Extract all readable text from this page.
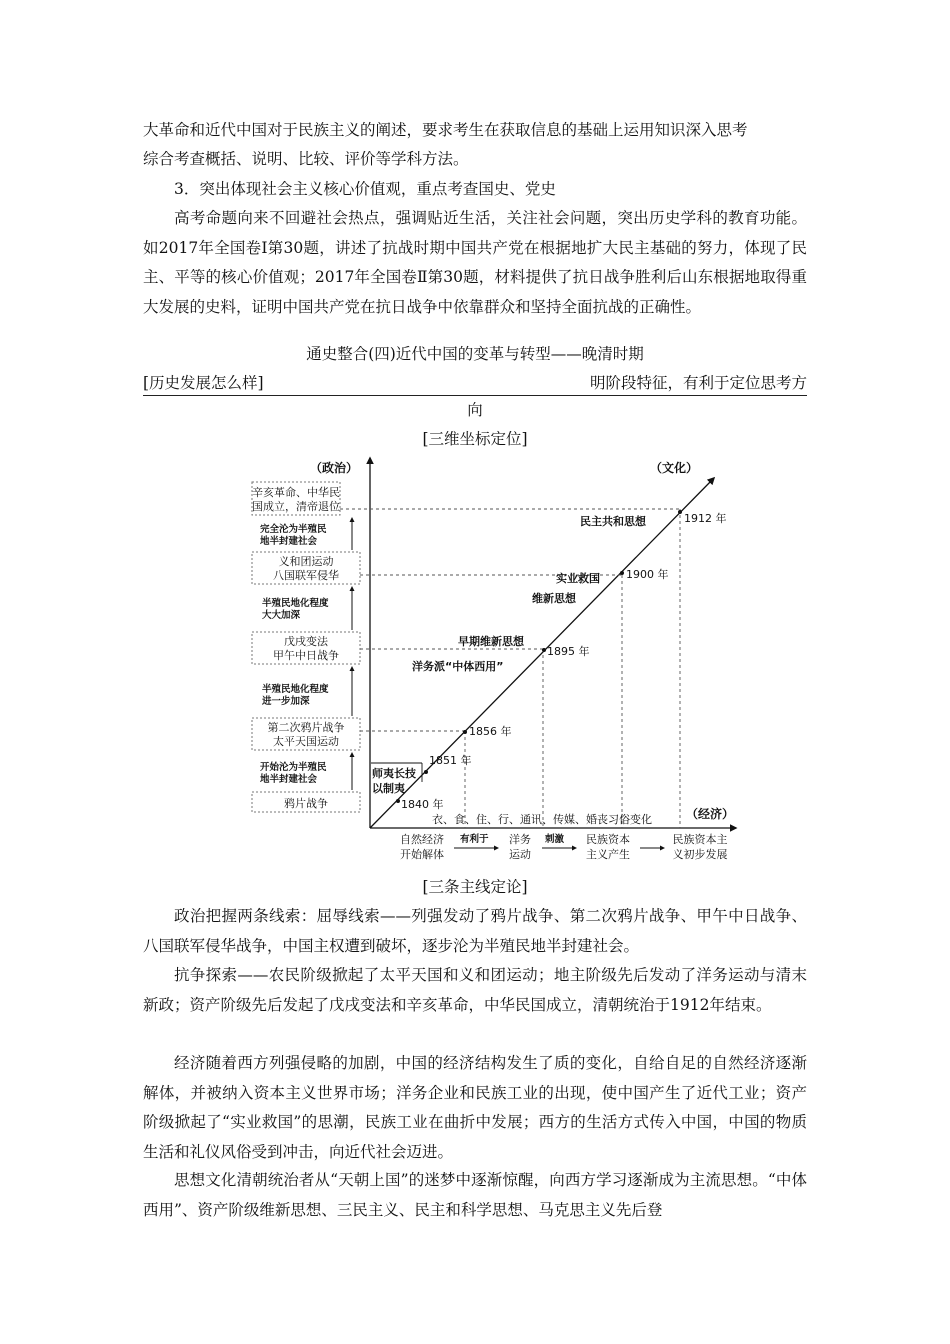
大革命和近代中国对于民族主义的阐述，要求考生在获取信息的基础上运用知识深入思考

综合考查概括、说明、比较、评价等学科方法。

3．突出体现社会主义核心价值观，重点考查国史、党史

高考命题向来不回避社会热点，强调贴近生活，关注社会问题，突出历史学科的教育功能。如2017年全国卷Ⅰ第30题，讲述了抗战时期中国共产党在根据地扩大民主基础的努力，体现了民主、平等的核心价值观；2017年全国卷Ⅱ第30题，材料提供了抗日战争胜利后山东根据地取得重大发展的史料，证明中国共产党在抗日战争中依靠群众和坚持全面抗战的正确性。

通史整合(四)近代中国的变革与转型——晚清时期

[历史发展怎么样]	明阶段特征，有利于定位思考方

向

[三维坐标定位]

（政治）	（文化）
（经济）
辛亥革命、中华民
国成立，清帝退位
义和团运动
八国联军侵华
戊戌变法
甲午中日战争
第二次鸦片战争
太平天国运动
鸦片战争
完全沦为半殖民
地半封建社会
半殖民地化程度
大大加深
半殖民地化程度
进一步加深
开始沦为半殖民
地半封建社会
1840 年
1851 年
1856 年
1895 年
1900 年
1912 年
民主共和思想
实业救国
维新思想
早期维新思想
洋务派“中体西用”
师夷长技
以制夷
衣、食、住、行、通讯、传媒、婚丧习俗变化
自然经济
开始解体
洋务
运动
民族资本
主义产生
民族资本主
义初步发展
有利于	刺激

[三条主线定论]

政治把握两条线索：屈辱线索——列强发动了鸦片战争、第二次鸦片战争、甲午中日战争、八国联军侵华战争，中国主权遭到破坏，逐步沦为半殖民地半封建社会。

抗争探索——农民阶级掀起了太平天国和义和团运动；地主阶级先后发动了洋务运动与清末新政；资产阶级先后发起了戊戌变法和辛亥革命，中华民国成立，清朝统治于1912年结束。

经济随着西方列强侵略的加剧，中国的经济结构发生了质的变化，自给自足的自然经济逐渐解体，并被纳入资本主义世界市场；洋务企业和民族工业的出现，使中国产生了近代工业；资产阶级掀起了“实业救国”的思潮，民族工业在曲折中发展；西方的生活方式传入中国，中国的物质生活和礼仪风俗受到冲击，向近代社会迈进。

思想文化清朝统治者从“天朝上国”的迷梦中逐渐惊醒，向西方学习逐渐成为主流思想。“中体西用”、资产阶级维新思想、三民主义、民主和科学思想、马克思主义先后登
